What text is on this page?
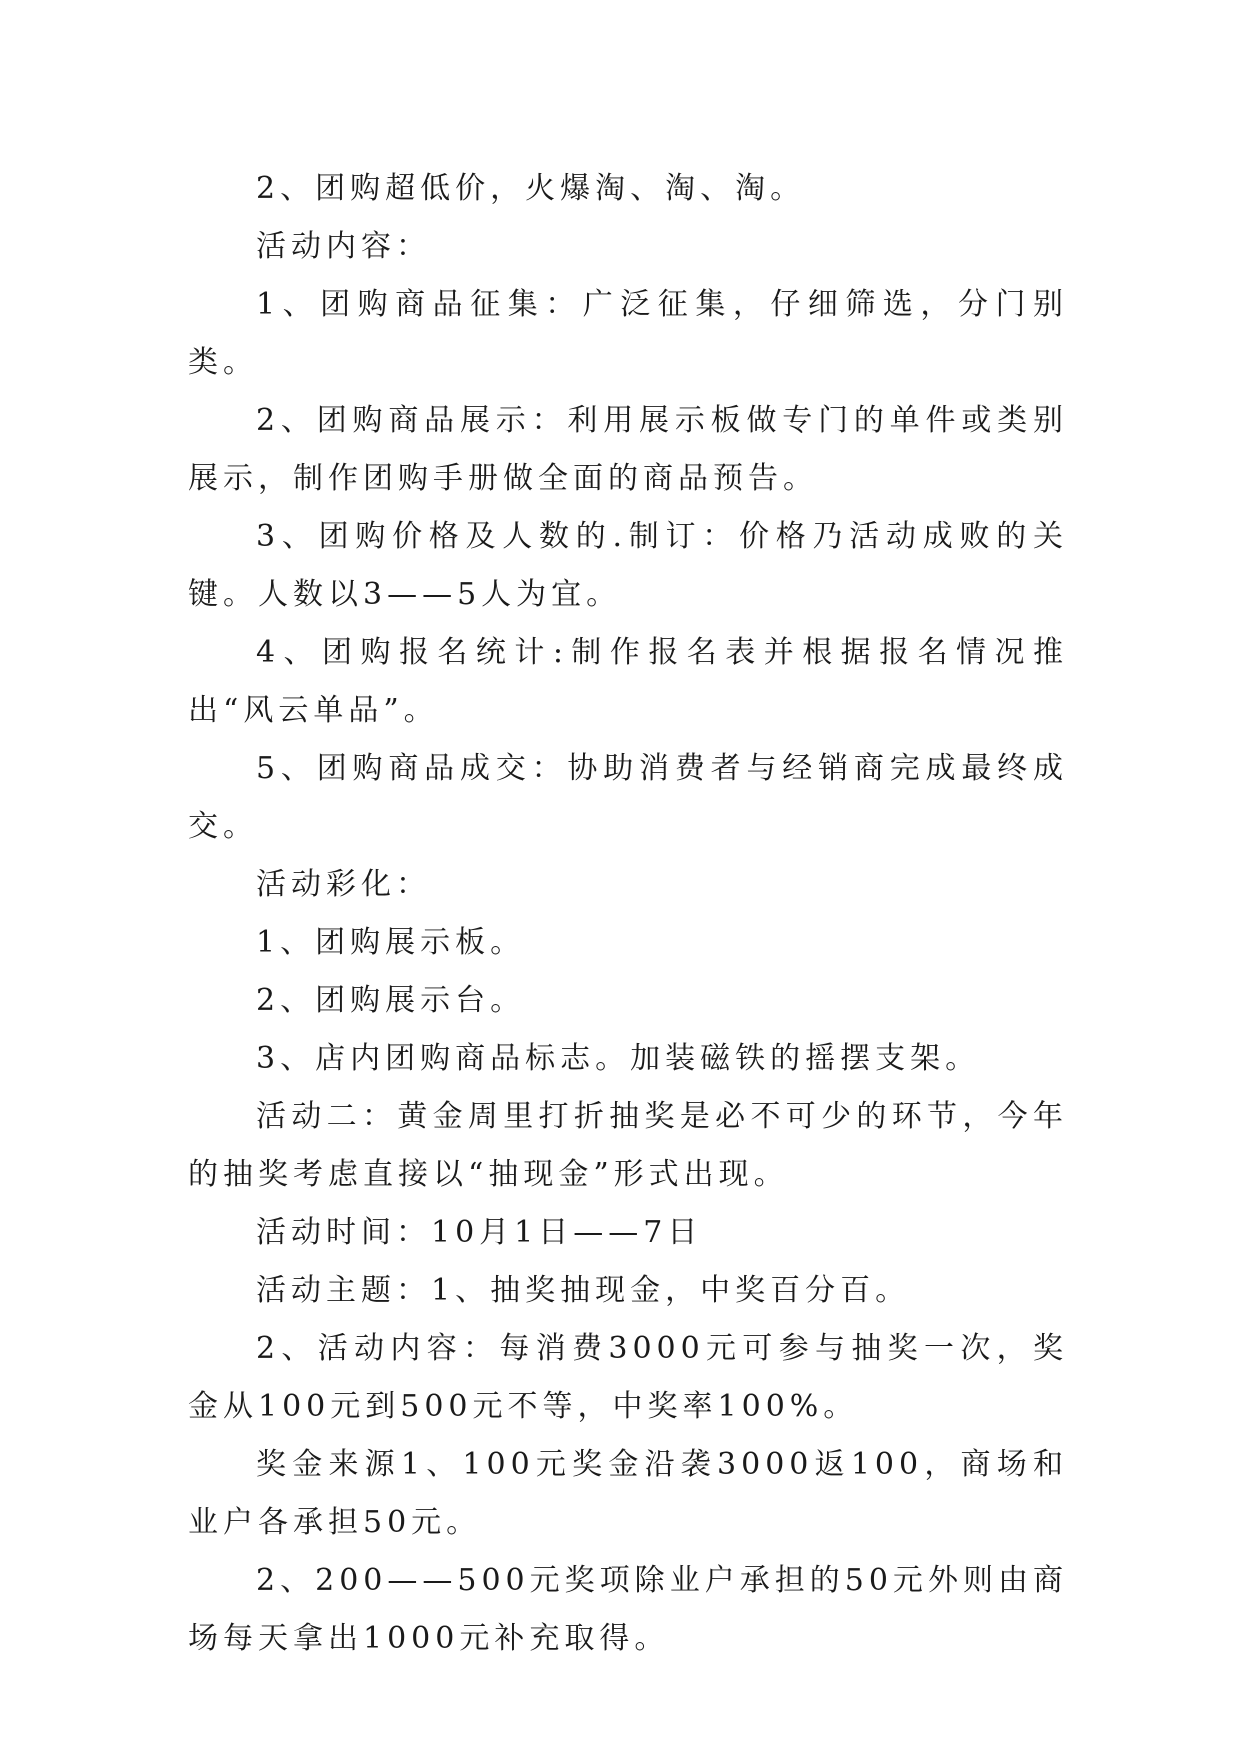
2、团购超低价，火爆淘、淘、淘。

活动内容：

1、团购商品征集：广泛征集，仔细筛选，分门别类。

2、团购商品展示：利用展示板做专门的单件或类别展示，制作团购手册做全面的商品预告。

3、团购价格及人数的.制订：价格乃活动成败的关键。人数以3——5人为宜。

4、团购报名统计:制作报名表并根据报名情况推出“风云单品”。

5、团购商品成交：协助消费者与经销商完成最终成交。

活动彩化：

1、团购展示板。

2、团购展示台。

3、店内团购商品标志。加装磁铁的摇摆支架。

活动二：黄金周里打折抽奖是必不可少的环节，今年的抽奖考虑直接以“抽现金”形式出现。

活动时间：10月1日——7日

活动主题：1、抽奖抽现金，中奖百分百。

2、活动内容：每消费3000元可参与抽奖一次，奖金从100元到500元不等，中奖率100%。

奖金来源1、100元奖金沿袭3000返100，商场和业户各承担50元。

2、200——500元奖项除业户承担的50元外则由商场每天拿出1000元补充取得。
